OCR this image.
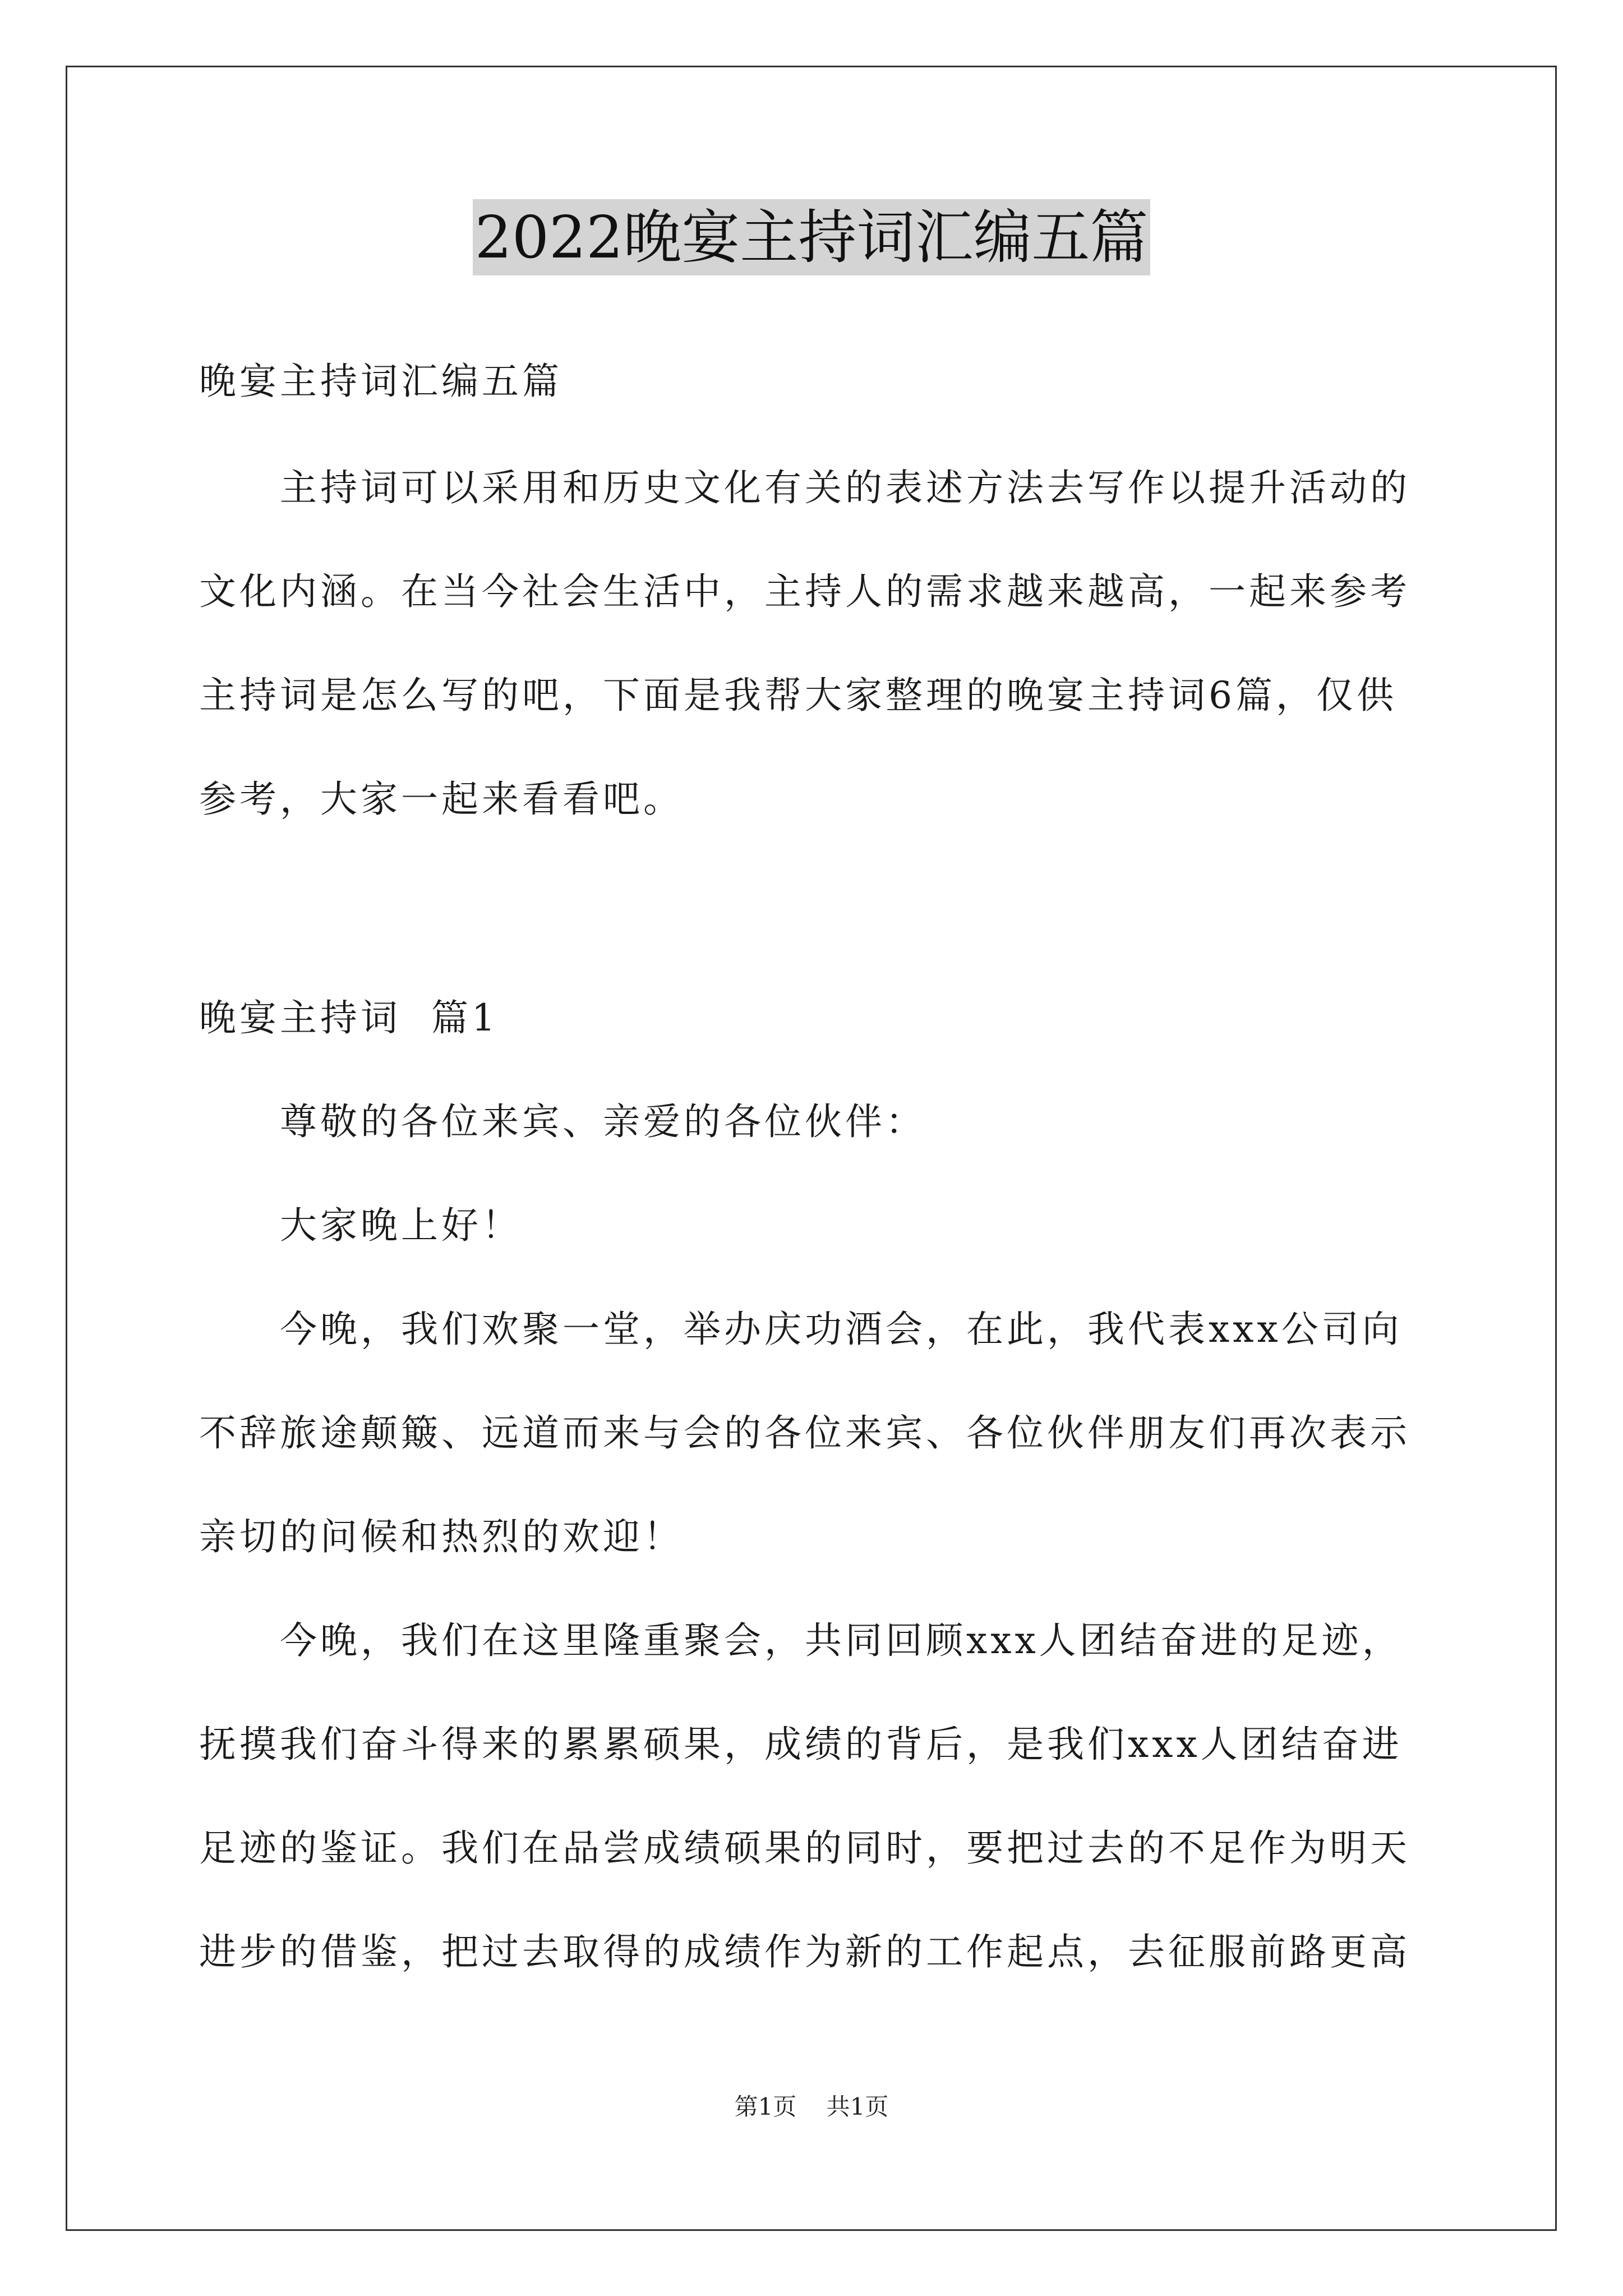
2022晚宴主持词汇编五篇

晚宴主持词汇编五篇

主持词可以采用和历史文化有关的表述方法去写作以提升活动的

文化内涵。在当今社会生活中，主持人的需求越来越高，一起来参考

主持词是怎么写的吧，下面是我帮大家整理的晚宴主持词6篇，仅供

参考，大家一起来看看吧。

晚宴主持词  篇1

尊敬的各位来宾、亲爱的各位伙伴：

大家晚上好！

今晚，我们欢聚一堂，举办庆功酒会，在此，我代表xxx公司向

不辞旅途颠簸、远道而来与会的各位来宾、各位伙伴朋友们再次表示

亲切的问候和热烈的欢迎！

今晚，我们在这里隆重聚会，共同回顾xxx人团结奋进的足迹，

抚摸我们奋斗得来的累累硕果，成绩的背后，是我们xxx人团结奋进

足迹的鉴证。我们在品尝成绩硕果的同时，要把过去的不足作为明天

进步的借鉴，把过去取得的成绩作为新的工作起点，去征服前路更高

第1页 共1页
